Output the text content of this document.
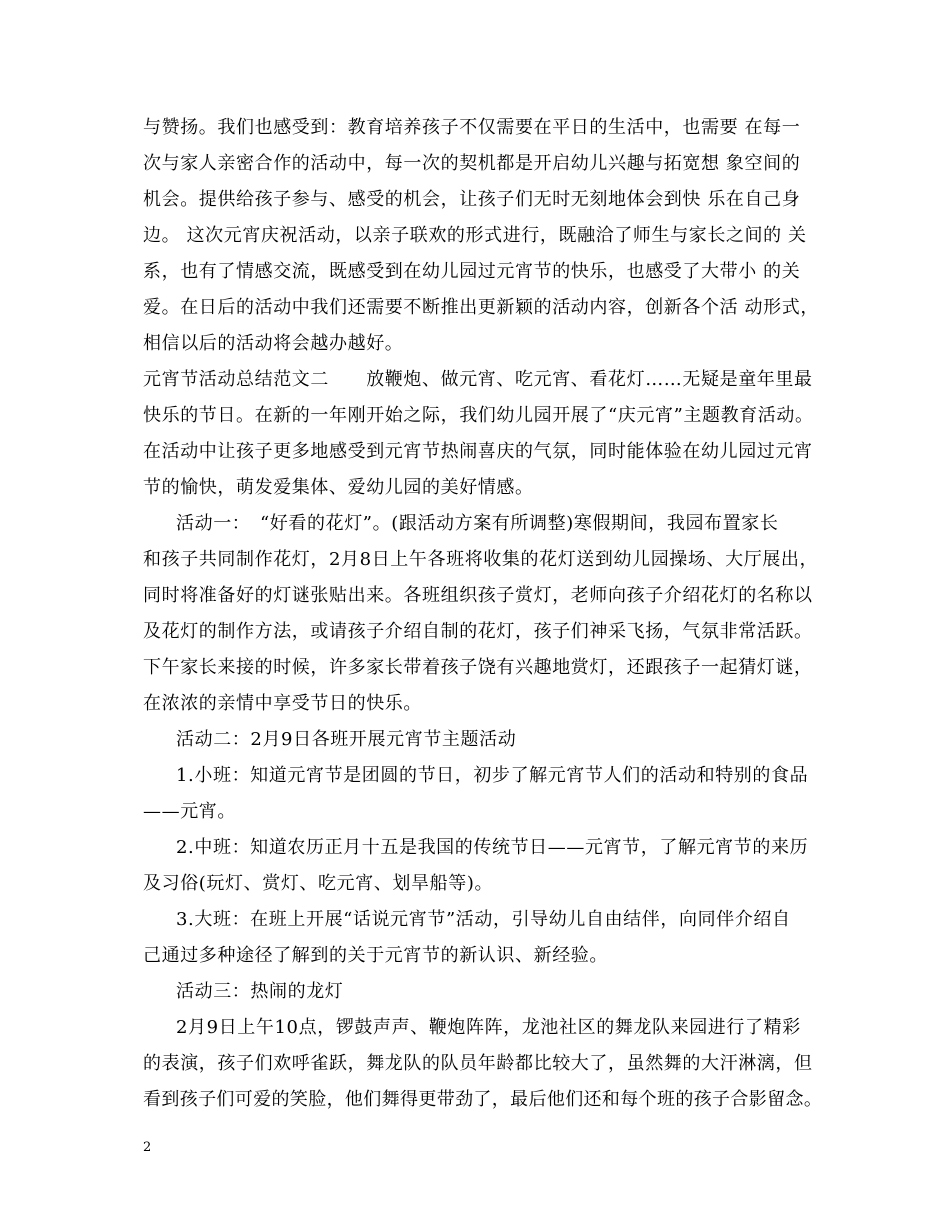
与赞扬。我们也感受到：教育培养孩子不仅需要在平日的生活中，也需要 在每一
次与家人亲密合作的活动中，每一次的契机都是开启幼儿兴趣与拓宽想 象空间的
机会。提供给孩子参与、感受的机会，让孩子们无时无刻地体会到快 乐在自己身
边。 这次元宵庆祝活动，以亲子联欢的形式进行，既融洽了师生与家长之间的 关
系，也有了情感交流，既感受到在幼儿园过元宵节的快乐，也感受了大带小 的关
爱。在日后的活动中我们还需要不断推出更新颖的活动内容，创新各个活 动形式，
相信以后的活动将会越办越好。
元宵节活动总结范文二　　放鞭炮、做元宵、吃元宵、看花灯……无疑是童年里最
快乐的节日。在新的一年刚开始之际，我们幼儿园开展了“庆元宵”主题教育活动。
在活动中让孩子更多地感受到元宵节热闹喜庆的气氛，同时能体验在幼儿园过元宵
节的愉快，萌发爱集体、爱幼儿园的美好情感。
活动一：　“好看的花灯”。(跟活动方案有所调整)寒假期间，我园布置家长
和孩子共同制作花灯，2月8日上午各班将收集的花灯送到幼儿园操场、大厅展出，
同时将准备好的灯谜张贴出来。各班组织孩子赏灯，老师向孩子介绍花灯的名称以
及花灯的制作方法，或请孩子介绍自制的花灯，孩子们神采飞扬，气氛非常活跃。
下午家长来接的时候，许多家长带着孩子饶有兴趣地赏灯，还跟孩子一起猜灯谜，
在浓浓的亲情中享受节日的快乐。
活动二：2月9日各班开展元宵节主题活动
1.小班：知道元宵节是团圆的节日，初步了解元宵节人们的活动和特别的食品
——元宵。
2.中班：知道农历正月十五是我国的传统节日——元宵节，了解元宵节的来历
及习俗(玩灯、赏灯、吃元宵、划旱船等)。
3.大班：在班上开展“话说元宵节”活动，引导幼儿自由结伴，向同伴介绍自
己通过多种途径了解到的关于元宵节的新认识、新经验。
活动三：热闹的龙灯
2月9日上午10点，锣鼓声声、鞭炮阵阵，龙池社区的舞龙队来园进行了精彩
的表演，孩子们欢呼雀跃，舞龙队的队员年龄都比较大了，虽然舞的大汗淋漓，但
看到孩子们可爱的笑脸，他们舞得更带劲了，最后他们还和每个班的孩子合影留念。
2
